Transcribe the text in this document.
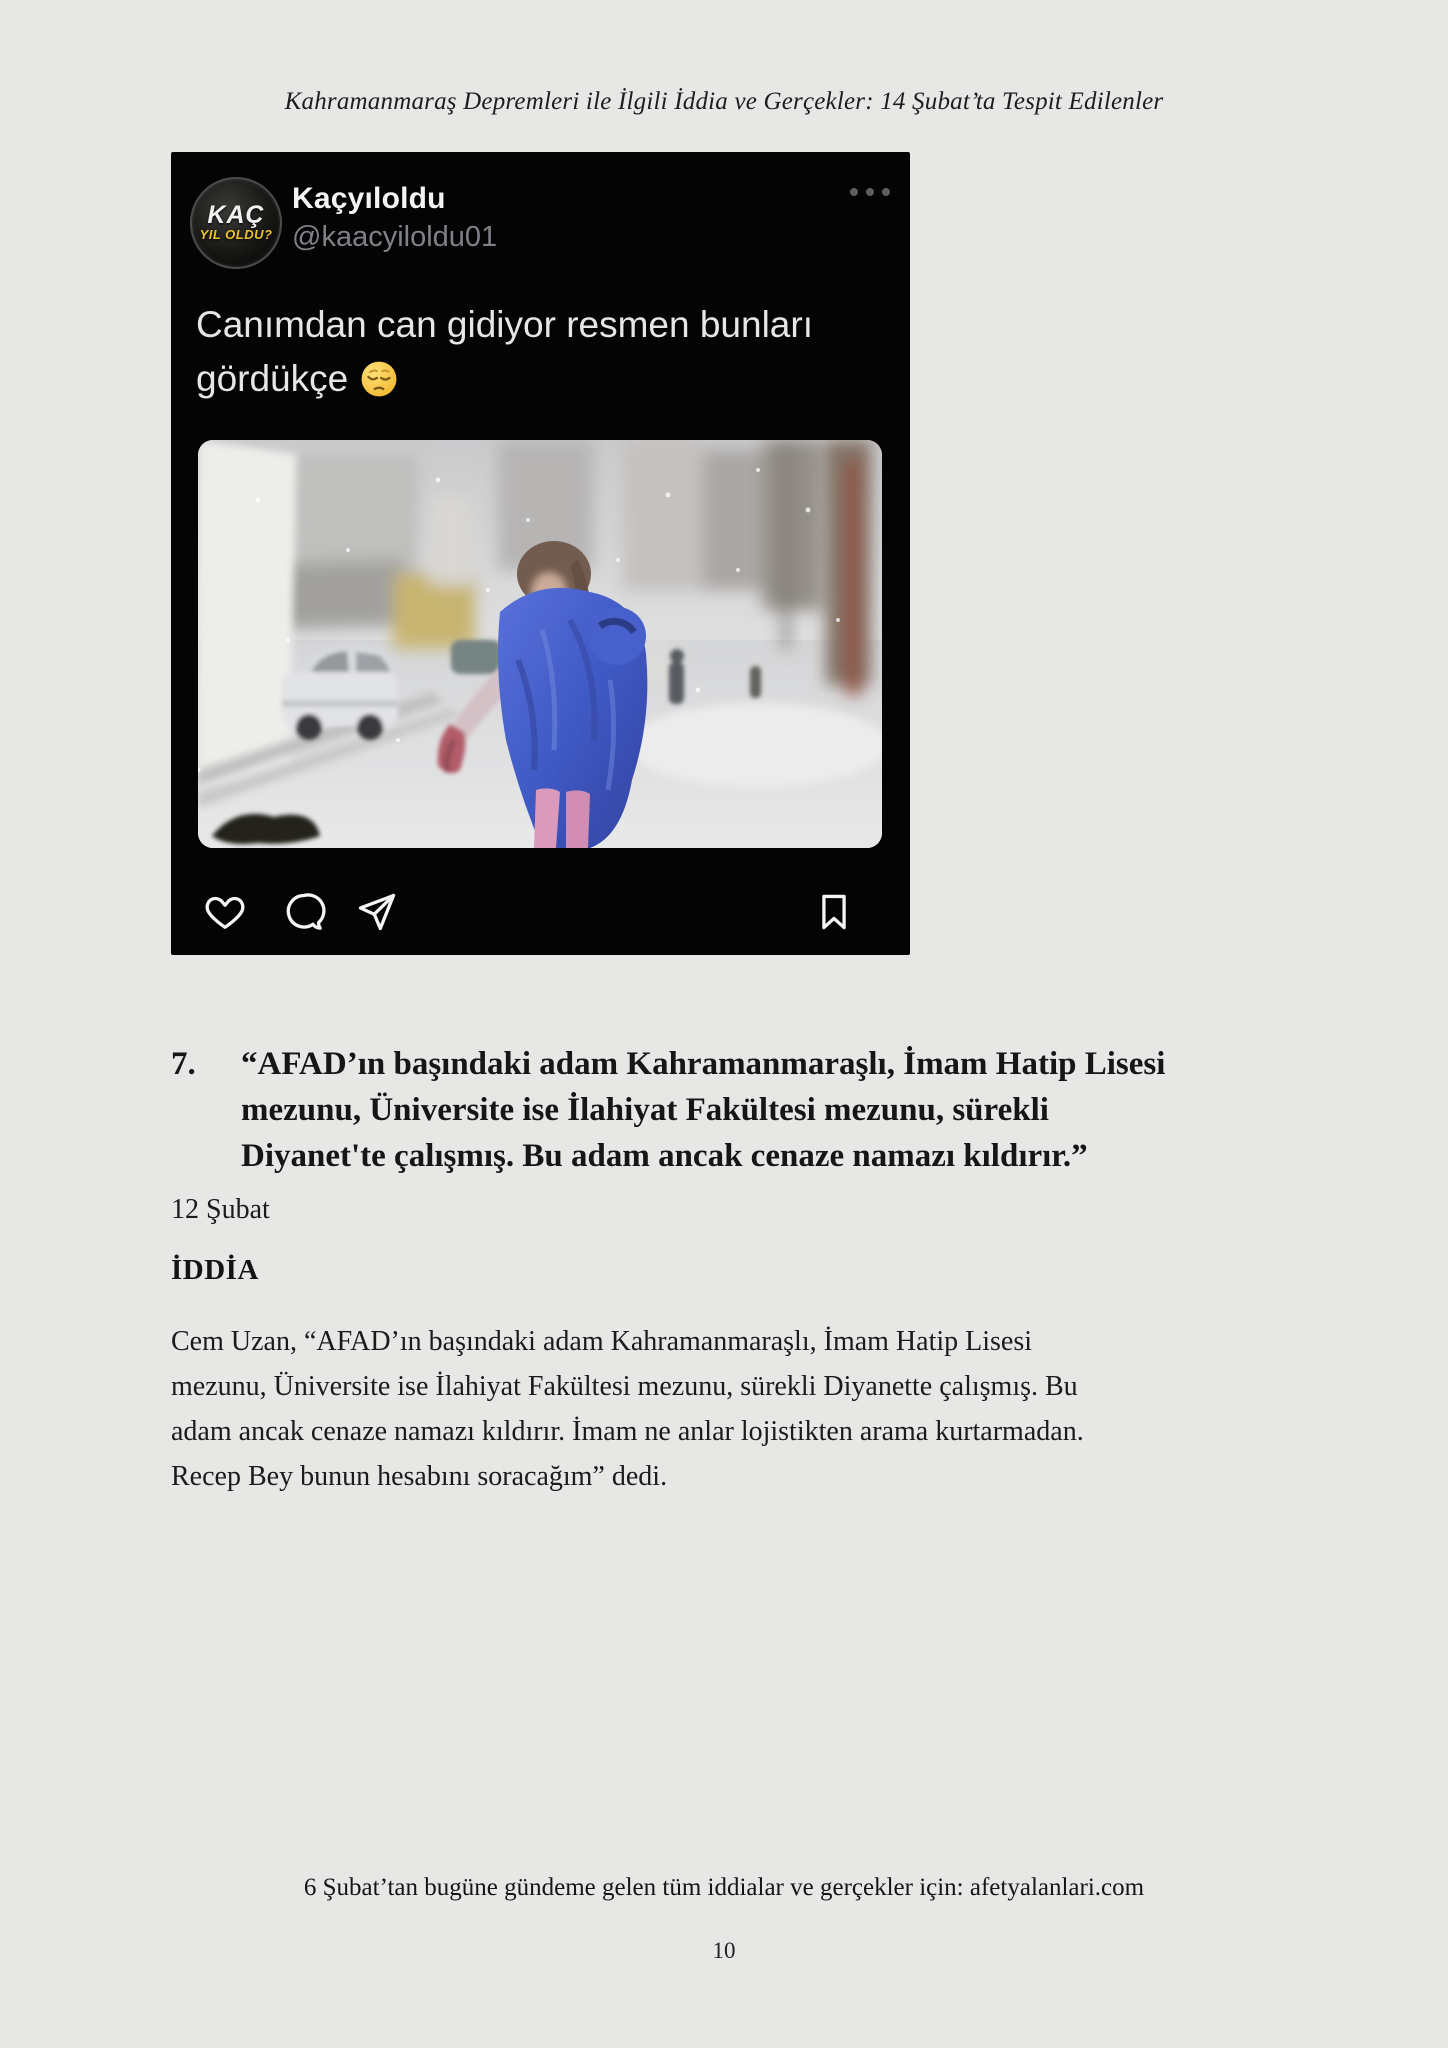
Kahramanmaraş Depremleri ile İlgili İddia ve Gerçekler: 14 Şubat’ta Tespit Edilenler
KAÇ
YIL OLDU?
Kaçyıloldu
@kaacyiloldu01
Canımdan can gidiyor resmen bunları
gördükçe
7. “AFAD’ın başındaki adam Kahramanmaraşlı, İmam Hatip Lisesi
mezunu, Üniversite ise İlahiyat Fakültesi mezunu, sürekli
Diyanet'te çalışmış. Bu adam ancak cenaze namazı kıldırır.”
12 Şubat
İDDİA
Cem Uzan, “AFAD’ın başındaki adam Kahramanmaraşlı, İmam Hatip Lisesi
mezunu, Üniversite ise İlahiyat Fakültesi mezunu, sürekli Diyanette çalışmış. Bu
adam ancak cenaze namazı kıldırır. İmam ne anlar lojistikten arama kurtarmadan.
Recep Bey bunun hesabını soracağım” dedi.
6 Şubat’tan bugüne gündeme gelen tüm iddialar ve gerçekler için: afetyalanlari.com
10
